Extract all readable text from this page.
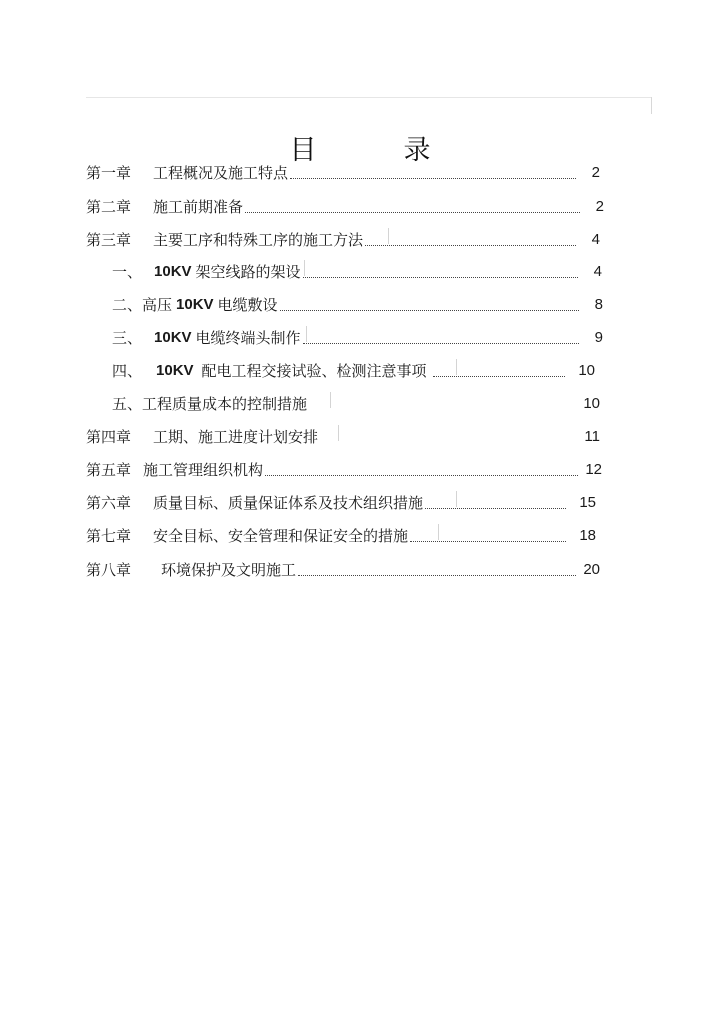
目　录
第一章 工程概况及施工特点	2
第二章 施工前期准备	2
第三章 主要工序和特殊工序的施工方法	4
一、 10KV 架空线路的架设	4
二、高压 10KV 电缆敷设	8
三、 10KV 电缆终端头制作	9
四、 10KV 配电工程交接试验、检测注意事项	10
五、 工程质量成本的控制措施	10
第四章 工期、施工进度计划安排	11
第五章 施工管理组织机构	12
第六章 质量目标、质量保证体系及技术组织措施	15
第七章 安全目标、安全管理和保证安全的措施	18
第八章 环境保护及文明施工	20
